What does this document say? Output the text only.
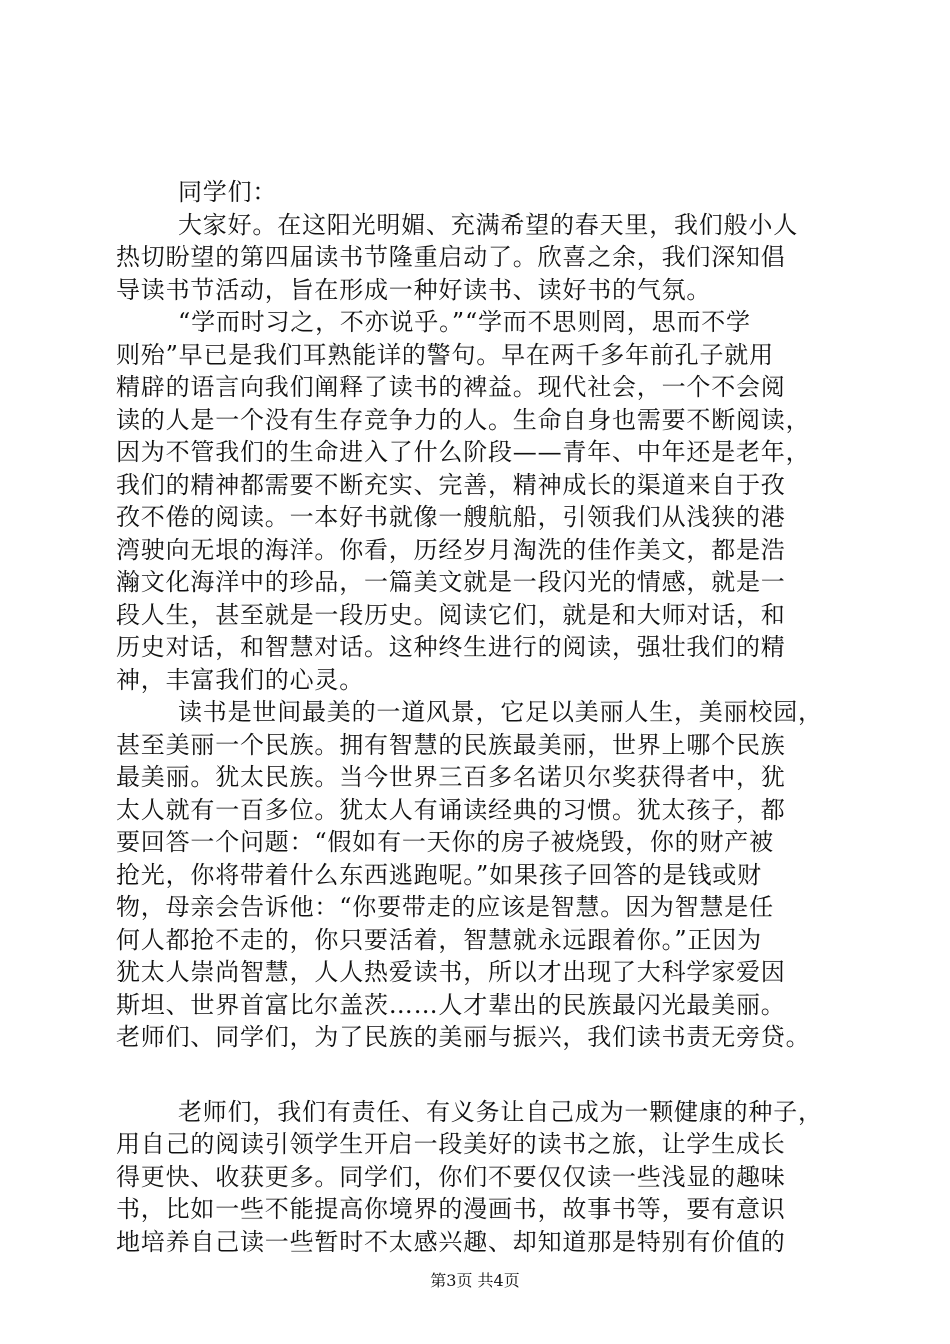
同学们：
大家好。在这阳光明媚、充满希望的春天里，我们般小人
热切盼望的第四届读书节隆重启动了。欣喜之余，我们深知倡
导读书节活动，旨在形成一种好读书、读好书的气氛。
“学而时习之，不亦说乎。”“学而不思则罔，思而不学
则殆”早已是我们耳熟能详的警句。早在两千多年前孔子就用
精辟的语言向我们阐释了读书的裨益。现代社会，一个不会阅
读的人是一个没有生存竞争力的人。生命自身也需要不断阅读，
因为不管我们的生命进入了什么阶段——青年、中年还是老年，
我们的精神都需要不断充实、完善，精神成长的渠道来自于孜
孜不倦的阅读。一本好书就像一艘航船，引领我们从浅狭的港
湾驶向无垠的海洋。你看，历经岁月淘洗的佳作美文，都是浩
瀚文化海洋中的珍品，一篇美文就是一段闪光的情感，就是一
段人生，甚至就是一段历史。阅读它们，就是和大师对话，和
历史对话，和智慧对话。这种终生进行的阅读，强壮我们的精
神，丰富我们的心灵。
读书是世间最美的一道风景，它足以美丽人生，美丽校园，
甚至美丽一个民族。拥有智慧的民族最美丽，世界上哪个民族
最美丽。犹太民族。当今世界三百多名诺贝尔奖获得者中，犹
太人就有一百多位。犹太人有诵读经典的习惯。犹太孩子，都
要回答一个问题：“假如有一天你的房子被烧毁，你的财产被
抢光，你将带着什么东西逃跑呢。”如果孩子回答的是钱或财
物，母亲会告诉他：“你要带走的应该是智慧。因为智慧是任
何人都抢不走的，你只要活着，智慧就永远跟着你。”正因为
犹太人崇尚智慧，人人热爱读书，所以才出现了大科学家爱因
斯坦、世界首富比尔盖茨……人才辈出的民族最闪光最美丽。
老师们、同学们，为了民族的美丽与振兴，我们读书责无旁贷。
老师们，我们有责任、有义务让自己成为一颗健康的种子，
用自己的阅读引领学生开启一段美好的读书之旅，让学生成长
得更快、收获更多。同学们，你们不要仅仅读一些浅显的趣味
书，比如一些不能提高你境界的漫画书，故事书等，要有意识
地培养自己读一些暂时不太感兴趣、却知道那是特别有价值的
第3页 共4页
